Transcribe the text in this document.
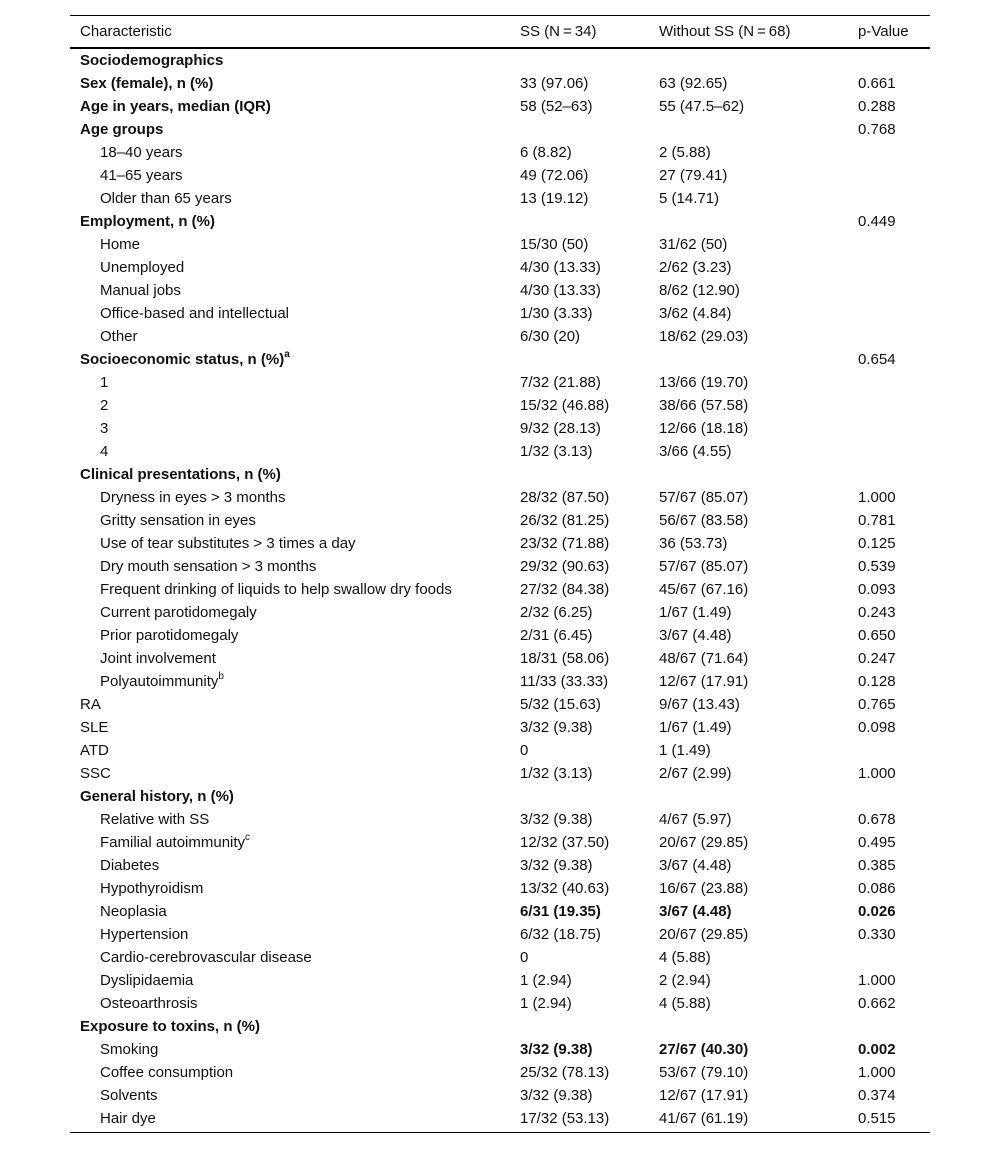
Characteristic	SS (N = 34)	Without SS (N = 68)	p-Value
Sociodemographics			
Sex (female), n (%)	33 (97.06)	63 (92.65)	0.661
Age in years, median (IQR)	58 (52–63)	55 (47.5–62)	0.288
Age groups			0.768
18–40 years	6 (8.82)	2 (5.88)	
41–65 years	49 (72.06)	27 (79.41)	
Older than 65 years	13 (19.12)	5 (14.71)	
Employment, n (%)			0.449
Home	15/30 (50)	31/62 (50)	
Unemployed	4/30 (13.33)	2/62 (3.23)	
Manual jobs	4/30 (13.33)	8/62 (12.90)	
Office-based and intellectual	1/30 (3.33)	3/62 (4.84)	
Other	6/30 (20)	18/62 (29.03)	
Socioeconomic status, n (%)$^a$			0.654
1	7/32 (21.88)	13/66 (19.70)	
2	15/32 (46.88)	38/66 (57.58)	
3	9/32 (28.13)	12/66 (18.18)	
4	1/32 (3.13)	3/66 (4.55)	
Clinical presentations, n (%)			
Dryness in eyes > 3 months	28/32 (87.50)	57/67 (85.07)	1.000
Gritty sensation in eyes	26/32 (81.25)	56/67 (83.58)	0.781
Use of tear substitutes > 3 times a day	23/32 (71.88)	36 (53.73)	0.125
Dry mouth sensation > 3 months	29/32 (90.63)	57/67 (85.07)	0.539
Frequent drinking of liquids to help swallow dry foods	27/32 (84.38)	45/67 (67.16)	0.093
Current parotidomegaly	2/32 (6.25)	1/67 (1.49)	0.243
Prior parotidomegaly	2/31 (6.45)	3/67 (4.48)	0.650
Joint involvement	18/31 (58.06)	48/67 (71.64)	0.247
Polyautoimmunity$^b$	11/33 (33.33)	12/67 (17.91)	0.128
RA	5/32 (15.63)	9/67 (13.43)	0.765
SLE	3/32 (9.38)	1/67 (1.49)	0.098
ATD	0	1 (1.49)	
SSC	1/32 (3.13)	2/67 (2.99)	1.000
General history, n (%)			
Relative with SS	3/32 (9.38)	4/67 (5.97)	0.678
Familial autoimmunity$^c$	12/32 (37.50)	20/67 (29.85)	0.495
Diabetes	3/32 (9.38)	3/67 (4.48)	0.385
Hypothyroidism	13/32 (40.63)	16/67 (23.88)	0.086
Neoplasia	6/31 (19.35)	3/67 (4.48)	0.026
Hypertension	6/32 (18.75)	20/67 (29.85)	0.330
Cardio-cerebrovascular disease	0	4 (5.88)	
Dyslipidaemia	1 (2.94)	2 (2.94)	1.000
Osteoarthrosis	1 (2.94)	4 (5.88)	0.662
Exposure to toxins, n (%)			
Smoking	3/32 (9.38)	27/67 (40.30)	0.002
Coffee consumption	25/32 (78.13)	53/67 (79.10)	1.000
Solvents	3/32 (9.38)	12/67 (17.91)	0.374
Hair dye	17/32 (53.13)	41/67 (61.19)	0.515
